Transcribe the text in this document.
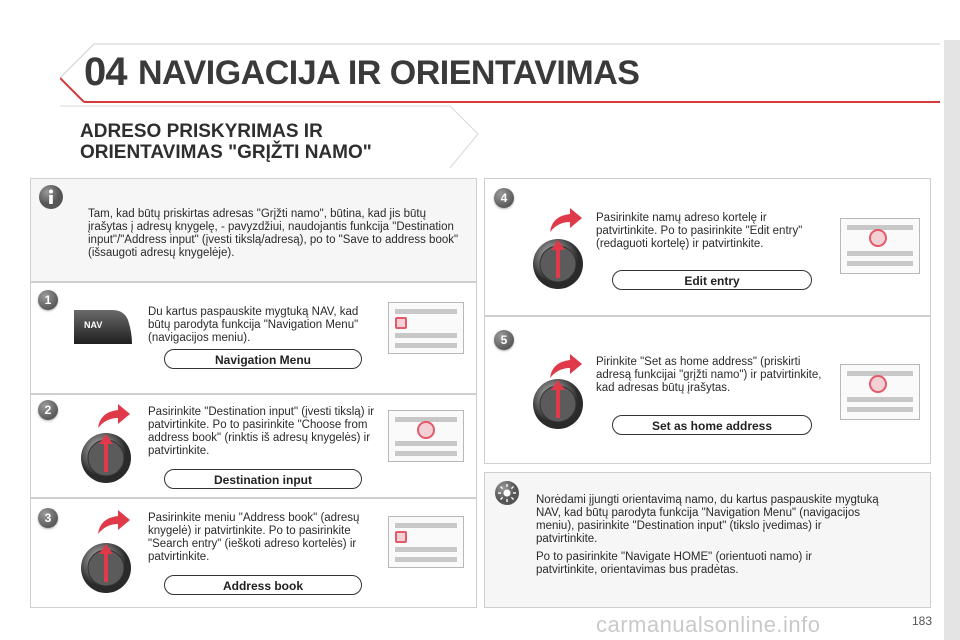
04 NAVIGACIJA IR ORIENTAVIMAS
ADRESO PRISKYRIMAS IR
ORIENTAVIMAS "GRĮŽTI NAMO"
Tam, kad būtų priskirtas adresas "Grįžti namo", būtina, kad jis būtų įrašytas į adresų knygelę, - pavyzdžiui, naudojantis funkcija "Destination input"/"Address input" (įvesti tikslą/adresą), po to "Save to address book" (išsaugoti adresų knygelėje).
1
NAV
Du kartus paspauskite mygtuką NAV, kad būtų parodyta funkcija "Navigation Menu" (navigacijos meniu).
Navigation Menu
2	Pasirinkite "Destination input" (įvesti tikslą) ir patvirtinkite. Po to pasirinkite "Choose from address book" (rinktis iš adresų knygelės) ir patvirtinkite.
Destination input
3	Pasirinkite meniu "Address book" (adresų knygelė) ir patvirtinkite. Po to pasirinkite "Search entry" (ieškoti adreso kortelės) ir patvirtinkite.
Address book
4
Pasirinkite namų adreso kortelę ir patvirtinkite. Po to pasirinkite "Edit entry" (redaguoti kortelę) ir patvirtinkite.
Edit entry
5
Pirinkite "Set as home address" (priskirti adresą funkcijai "grįžti namo") ir patvirtinkite, kad adresas būtų įrašytas.
Set as home address
Norėdami įjungti orientavimą namo, du kartus paspauskite mygtuką NAV, kad būtų parodyta funkcija "Navigation Menu" (navigacijos meniu), pasirinkite "Destination input" (tikslo įvedimas) ir patvirtinkite.
Po to pasirinkite "Navigate HOME" (orientuoti namo) ir patvirtinkite, orientavimas bus pradėtas.
carmanualsonline.info	183
